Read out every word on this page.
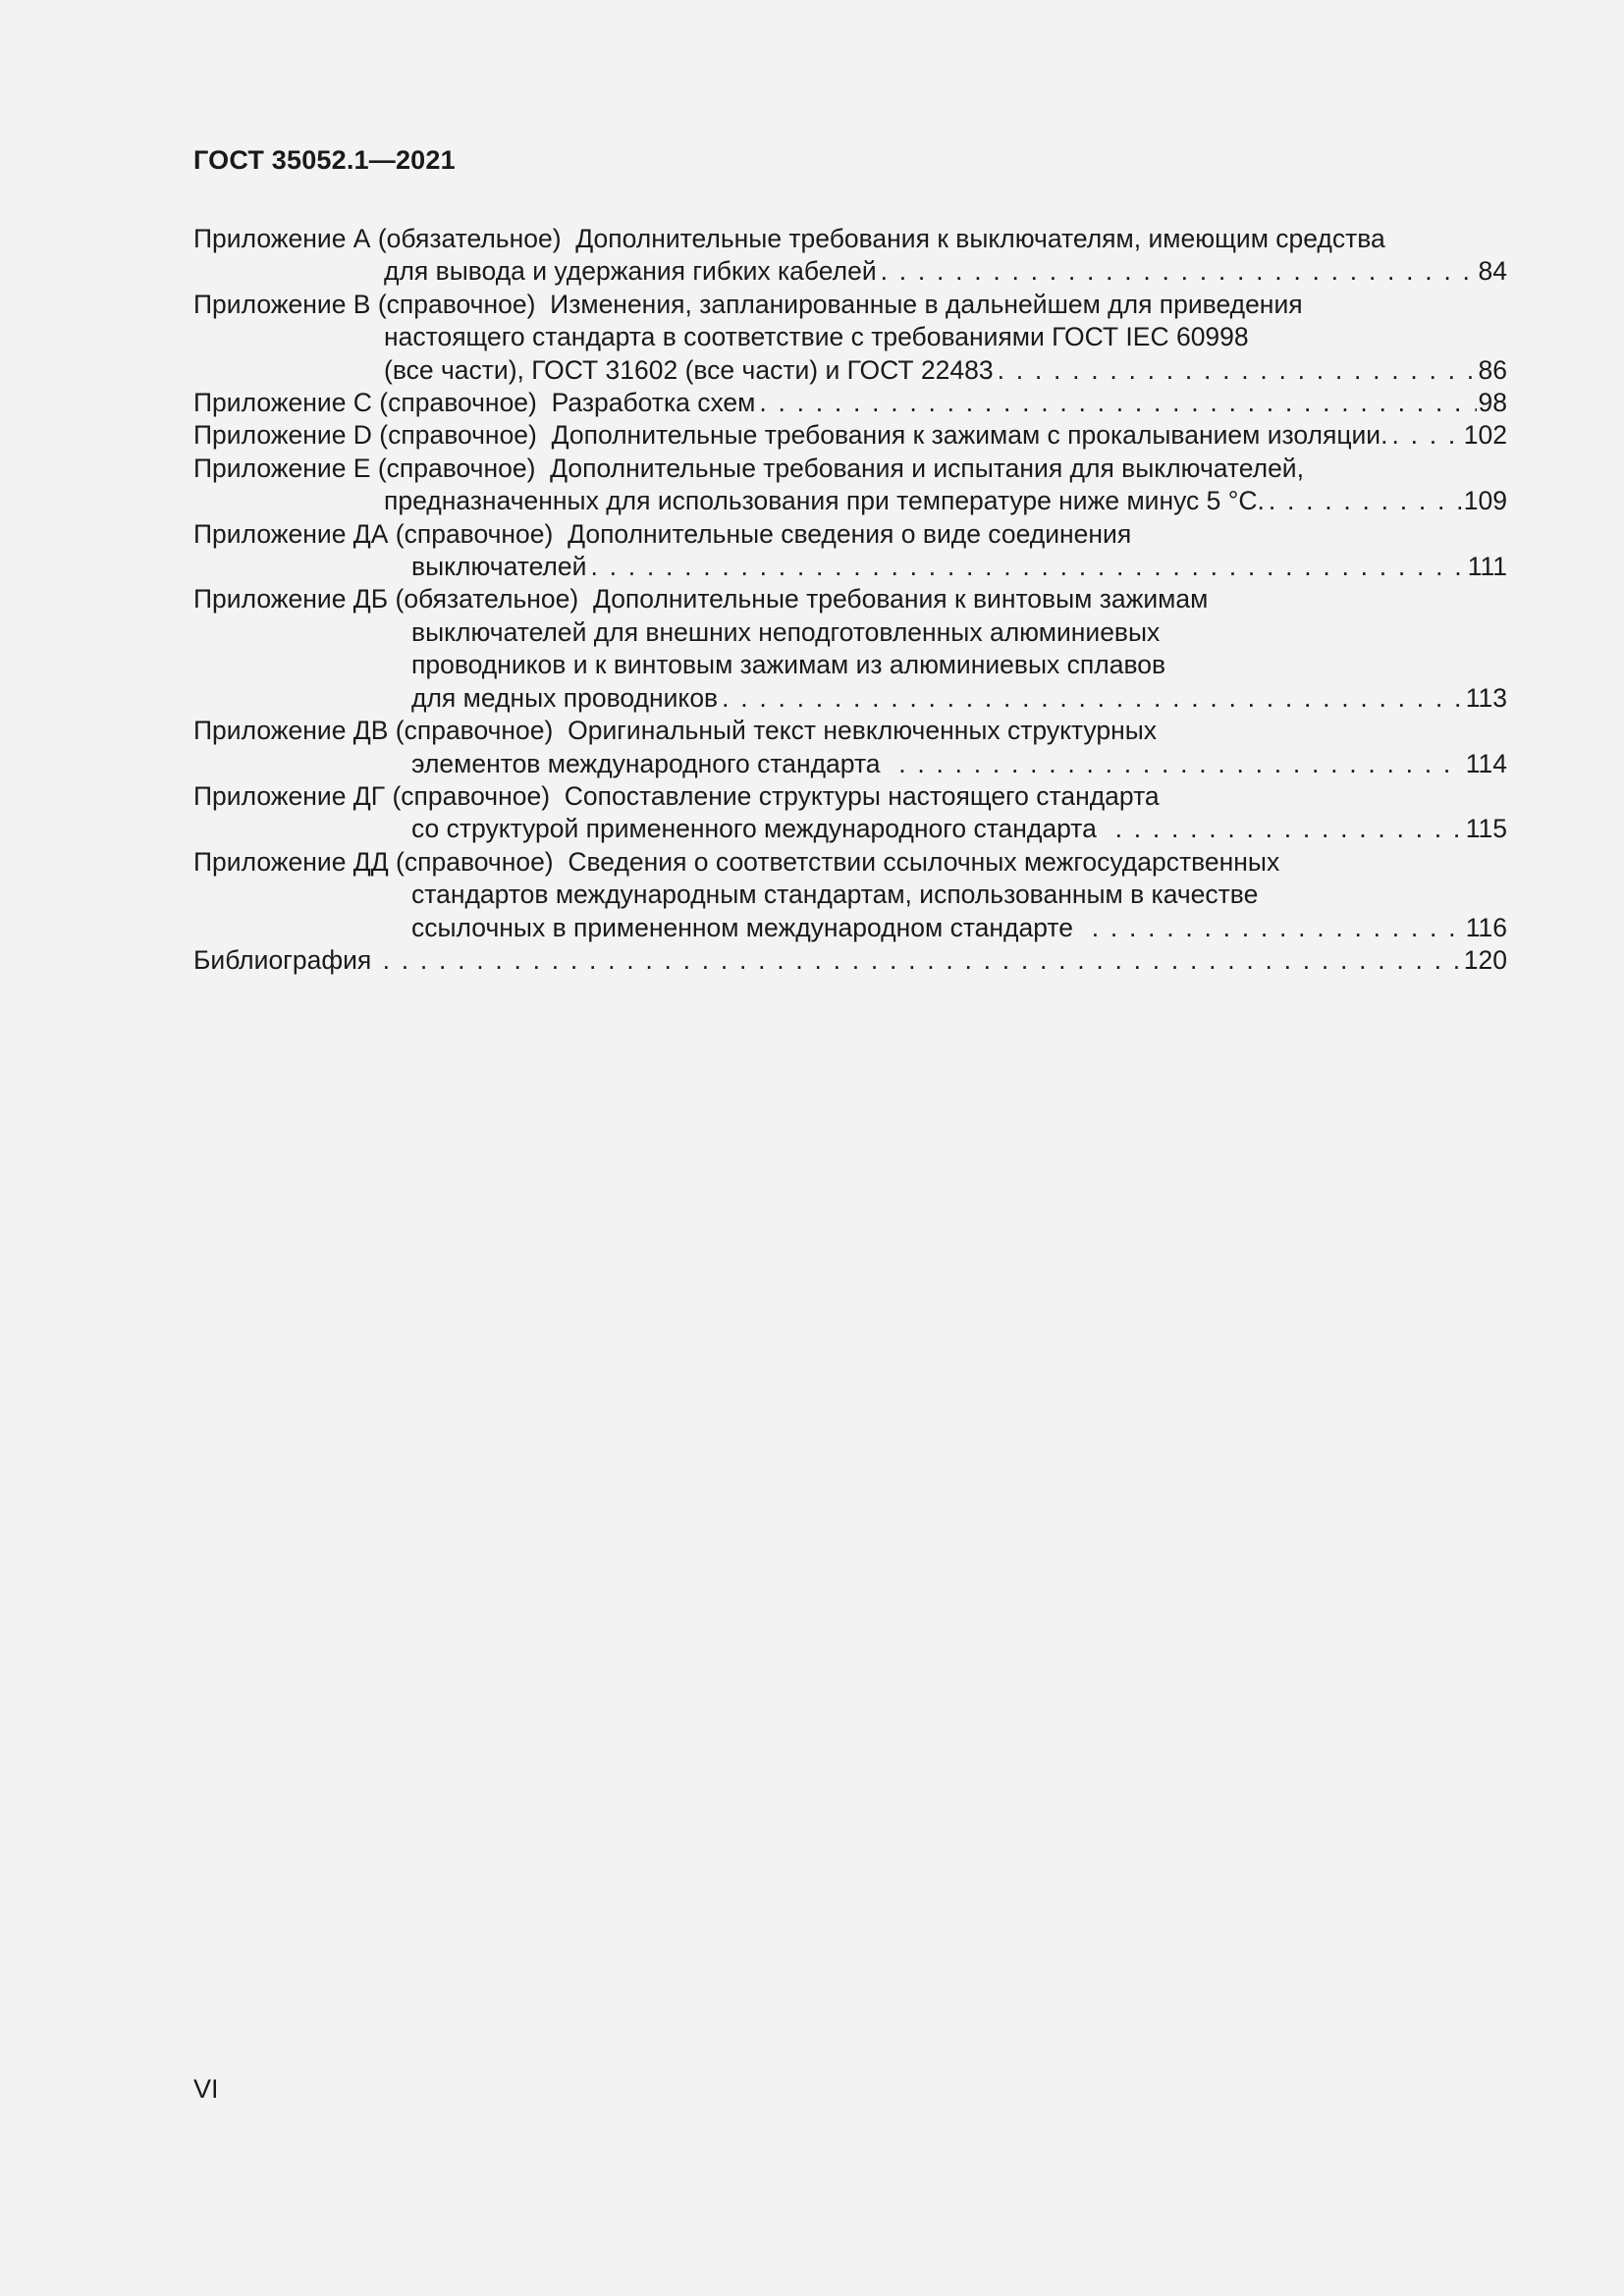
ГОСТ 35052.1—2021
Приложение А (обязательное)
Дополнительные требования к выключателям, имеющим средства
для вывода и удержания гибких кабелей . . .	84
Приложение В (справочное)
Изменения, запланированные в дальнейшем для приведения
настоящего стандарта в соответствие с требованиями ГОСТ IEC 60998
(все части), ГОСТ 31602 (все части) и ГОСТ 22483 . . .	86
Приложение С (справочное)
Разработка схем . . .	98
Приложение D (справочное)
Дополнительные требования к зажимам с прокалыванием изоляции. . . .	102
Приложение Е (справочное)
Дополнительные требования и испытания для выключателей,
предназначенных для использования при температуре ниже минус 5 °С. . . .	109
Приложение ДА (справочное)
Дополнительные сведения о виде соединения
выключателей . . .	111
Приложение ДБ (обязательное)
Дополнительные требования к винтовым зажимам
выключателей для внешних неподготовленных алюминиевых
проводников и к винтовым зажимам из алюминиевых сплавов
для медных проводников . . .	113
Приложение ДВ (справочное)
Оригинальный текст невключенных структурных
элементов международного стандарта
. . .	114
Приложение ДГ (справочное)
Сопоставление структуры настоящего стандарта
со структурой примененного международного стандарта
. . .	115
Приложение ДД (справочное)
Сведения о соответствии ссылочных межгосударственных
стандартов международным стандартам, использованным в качестве
ссылочных в примененном международном стандарте
. . .	116
Библиография
. . .	120
VI
